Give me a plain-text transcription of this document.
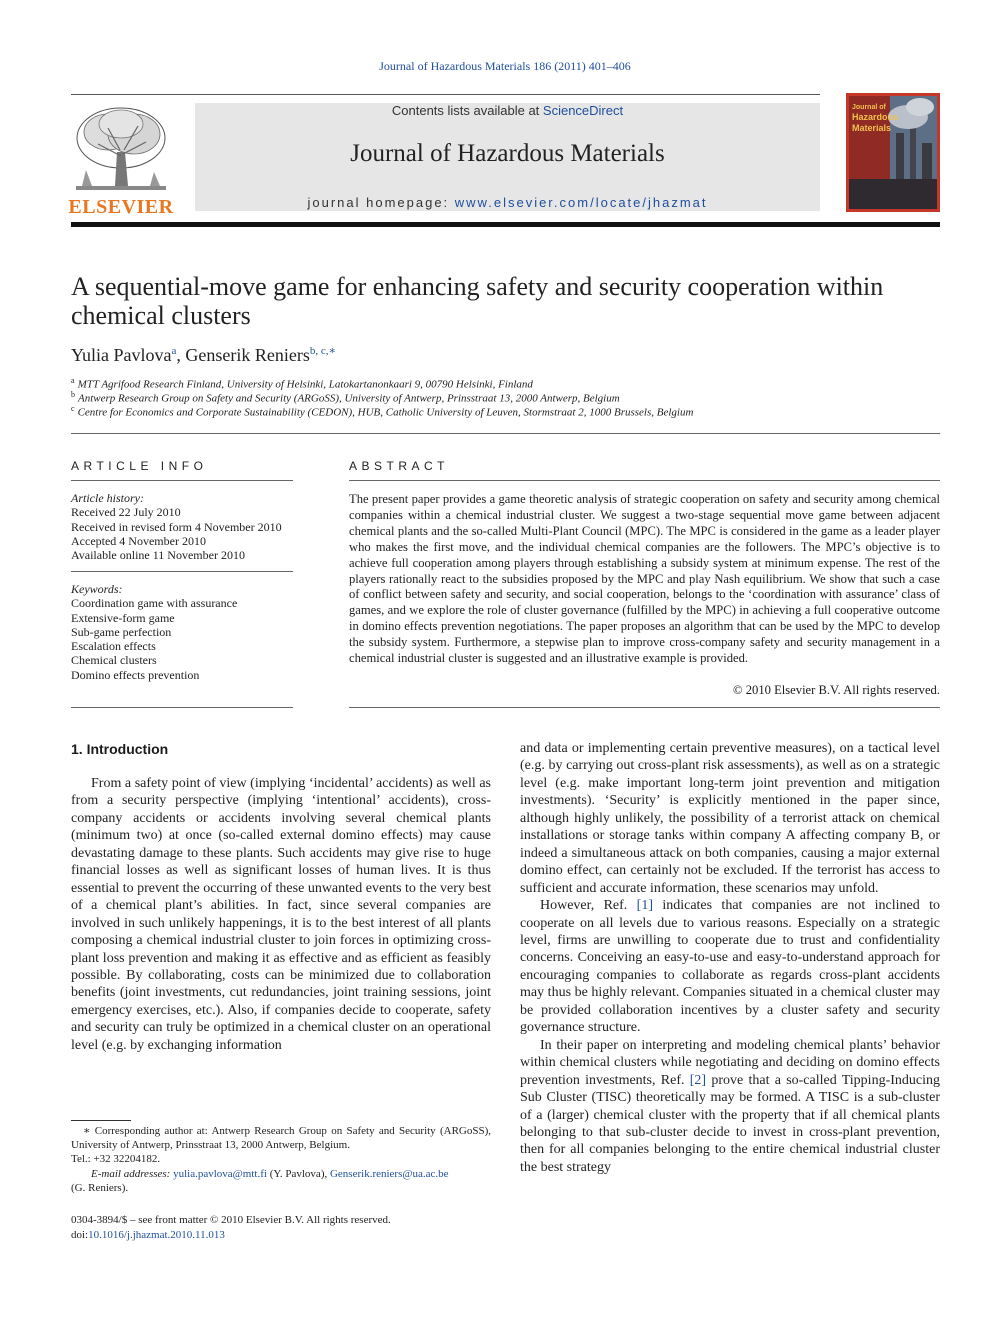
Journal of Hazardous Materials 186 (2011) 401–406
Contents lists available at ScienceDirect
Journal of Hazardous Materials
journal homepage: www.elsevier.com/locate/jhazmat
ELSEVIER
Journal of
Hazardous
Materials
A sequential-move game for enhancing safety and security cooperation within chemical clusters
Yulia Pavlova$^a$, Genserik Reniers$^{b, c,∗}$
$^a$ MTT Agrifood Research Finland, University of Helsinki, Latokartanonkaari 9, 00790 Helsinki, Finland
$^b$ Antwerp Research Group on Safety and Security (ARGoSS), University of Antwerp, Prinsstraat 13, 2000 Antwerp, Belgium
$^c$ Centre for Economics and Corporate Sustainability (CEDON), HUB, Catholic University of Leuven, Stormstraat 2, 1000 Brussels, Belgium
ARTICLE INFO
Article history:
Received 22 July 2010
Received in revised form 4 November 2010
Accepted 4 November 2010
Available online 11 November 2010
Keywords:
Coordination game with assurance
Extensive-form game
Sub-game perfection
Escalation effects
Chemical clusters
Domino effects prevention
ABSTRACT
The present paper provides a game theoretic analysis of strategic cooperation on safety and security among chemical companies within a chemical industrial cluster. We suggest a two-stage sequential move game between adjacent chemical plants and the so-called Multi-Plant Council (MPC). The MPC is considered in the game as a leader player who makes the first move, and the individual chemical companies are the followers. The MPC’s objective is to achieve full cooperation among players through establishing a subsidy system at minimum expense. The rest of the players rationally react to the subsidies proposed by the MPC and play Nash equilibrium. We show that such a case of conflict between safety and security, and social cooperation, belongs to the ‘coordination with assurance’ class of games, and we explore the role of cluster governance (fulfilled by the MPC) in achieving a full cooperative outcome in domino effects prevention negotiations. The paper proposes an algorithm that can be used by the MPC to develop the subsidy system. Furthermore, a stepwise plan to improve cross-company safety and security management in a chemical industrial cluster is suggested and an illustrative example is provided.
© 2010 Elsevier B.V. All rights reserved.
1. Introduction

From a safety point of view (implying ‘incidental’ accidents) as well as from a security perspective (implying ‘intentional’ accidents), cross-company accidents or accidents involving several chemical plants (minimum two) at once (so-called external domino effects) may cause devastating damage to these plants. Such accidents may give rise to huge financial losses as well as significant losses of human lives. It is thus essential to prevent the occurring of these unwanted events to the very best of a chemical plant’s abilities. In fact, since several companies are involved in such unlikely happenings, it is to the best interest of all plants composing a chemical industrial cluster to join forces in optimizing cross-plant loss prevention and making it as effective and as efficient as feasibly possible. By collaborating, costs can be minimized due to collaboration benefits (joint investments, cut redundancies, joint training sessions, joint emergency exercises, etc.). Also, if companies decide to cooperate, safety and security can truly be optimized in a chemical cluster on an operational level (e.g. by exchanging information

and data or implementing certain preventive measures), on a tactical level (e.g. by carrying out cross-plant risk assessments), as well as on a strategic level (e.g. make important long-term joint prevention and mitigation investments). ‘Security’ is explicitly mentioned in the paper since, although highly unlikely, the possibility of a terrorist attack on chemical installations or storage tanks within company A affecting company B, or indeed a simultaneous attack on both companies, causing a major external domino effect, can certainly not be excluded. If the terrorist has access to sufficient and accurate information, these scenarios may unfold.

However, Ref. [1] indicates that companies are not inclined to cooperate on all levels due to various reasons. Especially on a strategic level, firms are unwilling to cooperate due to trust and confidentiality concerns. Conceiving an easy-to-use and easy-to-understand approach for encouraging companies to collaborate as regards cross-plant accidents may thus be highly relevant. Companies situated in a chemical cluster may be provided collaboration incentives by a cluster safety and security governance structure.

In their paper on interpreting and modeling chemical plants’ behavior within chemical clusters while negotiating and deciding on domino effects prevention investments, Ref. [2] prove that a so-called Tipping-Inducing Sub Cluster (TISC) theoretically may be formed. A TISC is a sub-cluster of a (larger) chemical cluster with the property that if all chemical plants belonging to that sub-cluster decide to invest in cross-plant prevention, then for all companies belonging to the entire chemical industrial cluster the best strategy

∗ Corresponding author at: Antwerp Research Group on Safety and Security (ARGoSS), University of Antwerp, Prinsstraat 13, 2000 Antwerp, Belgium.
Tel.: +32 32204182.
E-mail addresses: yulia.pavlova@mtt.fi (Y. Pavlova), Genserik.reniers@ua.ac.be
(G. Reniers).
0304-3894/$ – see front matter © 2010 Elsevier B.V. All rights reserved.
doi:10.1016/j.jhazmat.2010.11.013
